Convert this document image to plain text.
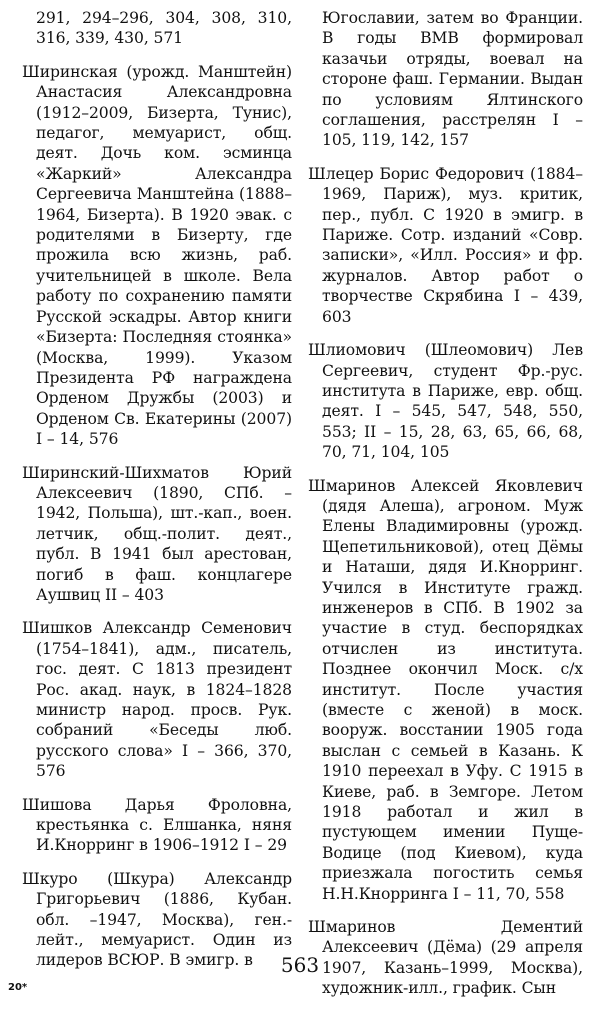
291, 294–296, 304, 308, 310, 316, 339, 430, 571

Ширинская (урожд. Манштейн) Анастасия Александровна (1912–2009, Бизерта, Тунис), педагог, мемуарист, общ. деят. Дочь ком. эсминца «Жаркий» Александра Сергеевича Манштейна (1888–1964, Бизерта). В 1920 эвак. с родителями в Бизерту, где прожила всю жизнь, раб. учительницей в школе. Вела работу по сохранению памяти Русской эскадры. Автор книги «Бизерта: Последняя стоянка» (Москва, 1999). Указом Президента РФ награждена Орденом Дружбы (2003) и Орденом Св. Екатерины (2007) I – 14, 576

Ширинский-Шихматов Юрий Алексеевич (1890, СПб. – 1942, Польша), шт.-кап., воен. летчик, общ.-полит. деят., публ. В 1941 был арестован, погиб в фаш. концлагере Аушвиц II – 403

Шишков Александр Семенович (1754–1841), адм., писатель, гос. деят. С 1813 президент Рос. акад. наук, в 1824–1828 министр народ. просв. Рук. собраний «Беседы люб. русского слова» I – 366, 370, 576

Шишова Дарья Фроловна, крестьянка с. Елшанка, няня И.Кнорринг в 1906–1912 I – 29

Шкуро (Шкура) Александр Григорьевич (1886, Кубан. обл. –1947, Москва), ген.-лейт., мемуарист. Один из лидеров ВСЮР. В эмигр. в

Югославии, затем во Франции. В годы ВМВ формировал казачьи отряды, воевал на стороне фаш. Германии. Выдан по условиям Ялтинского соглашения, расстрелян I – 105, 119, 142, 157

Шлецер Борис Федорович (1884–1969, Париж), муз. критик, пер., публ. С 1920 в эмигр. в Париже. Сотр. изданий «Совр. записки», «Илл. Россия» и фр. журналов. Автор работ о творчестве Скрябина I – 439, 603

Шлиомович (Шлеомович) Лев Сергеевич, студент Фр.-рус. института в Париже, евр. общ. деят. I – 545, 547, 548, 550, 553; II – 15, 28, 63, 65, 66, 68, 70, 71, 104, 105

Шмаринов Алексей Яковлевич (дядя Алеша), агроном. Муж Елены Владимировны (урожд. Щепетильниковой), отец Дёмы и Наташи, дядя И.Кнорринг. Учился в Институте гражд. инженеров в СПб. В 1902 за участие в студ. беспорядках отчислен из института. Позднее окончил Моск. с/х институт. После участия (вместе с женой) в моск. вооруж. восстании 1905 года выслан с семьей в Казань. К 1910 переехал в Уфу. С 1915 в Киеве, раб. в Земгоре. Летом 1918 работал и жил в пустующем имении Пуще-Водице (под Киевом), куда приезжала погостить семья Н.Н.Кнорринга I – 11, 70, 558

Шмаринов Дементий Алексеевич (Дёма) (29 апреля 1907, Казань–1999, Москва), художник-илл., график. Сын

563
20*
